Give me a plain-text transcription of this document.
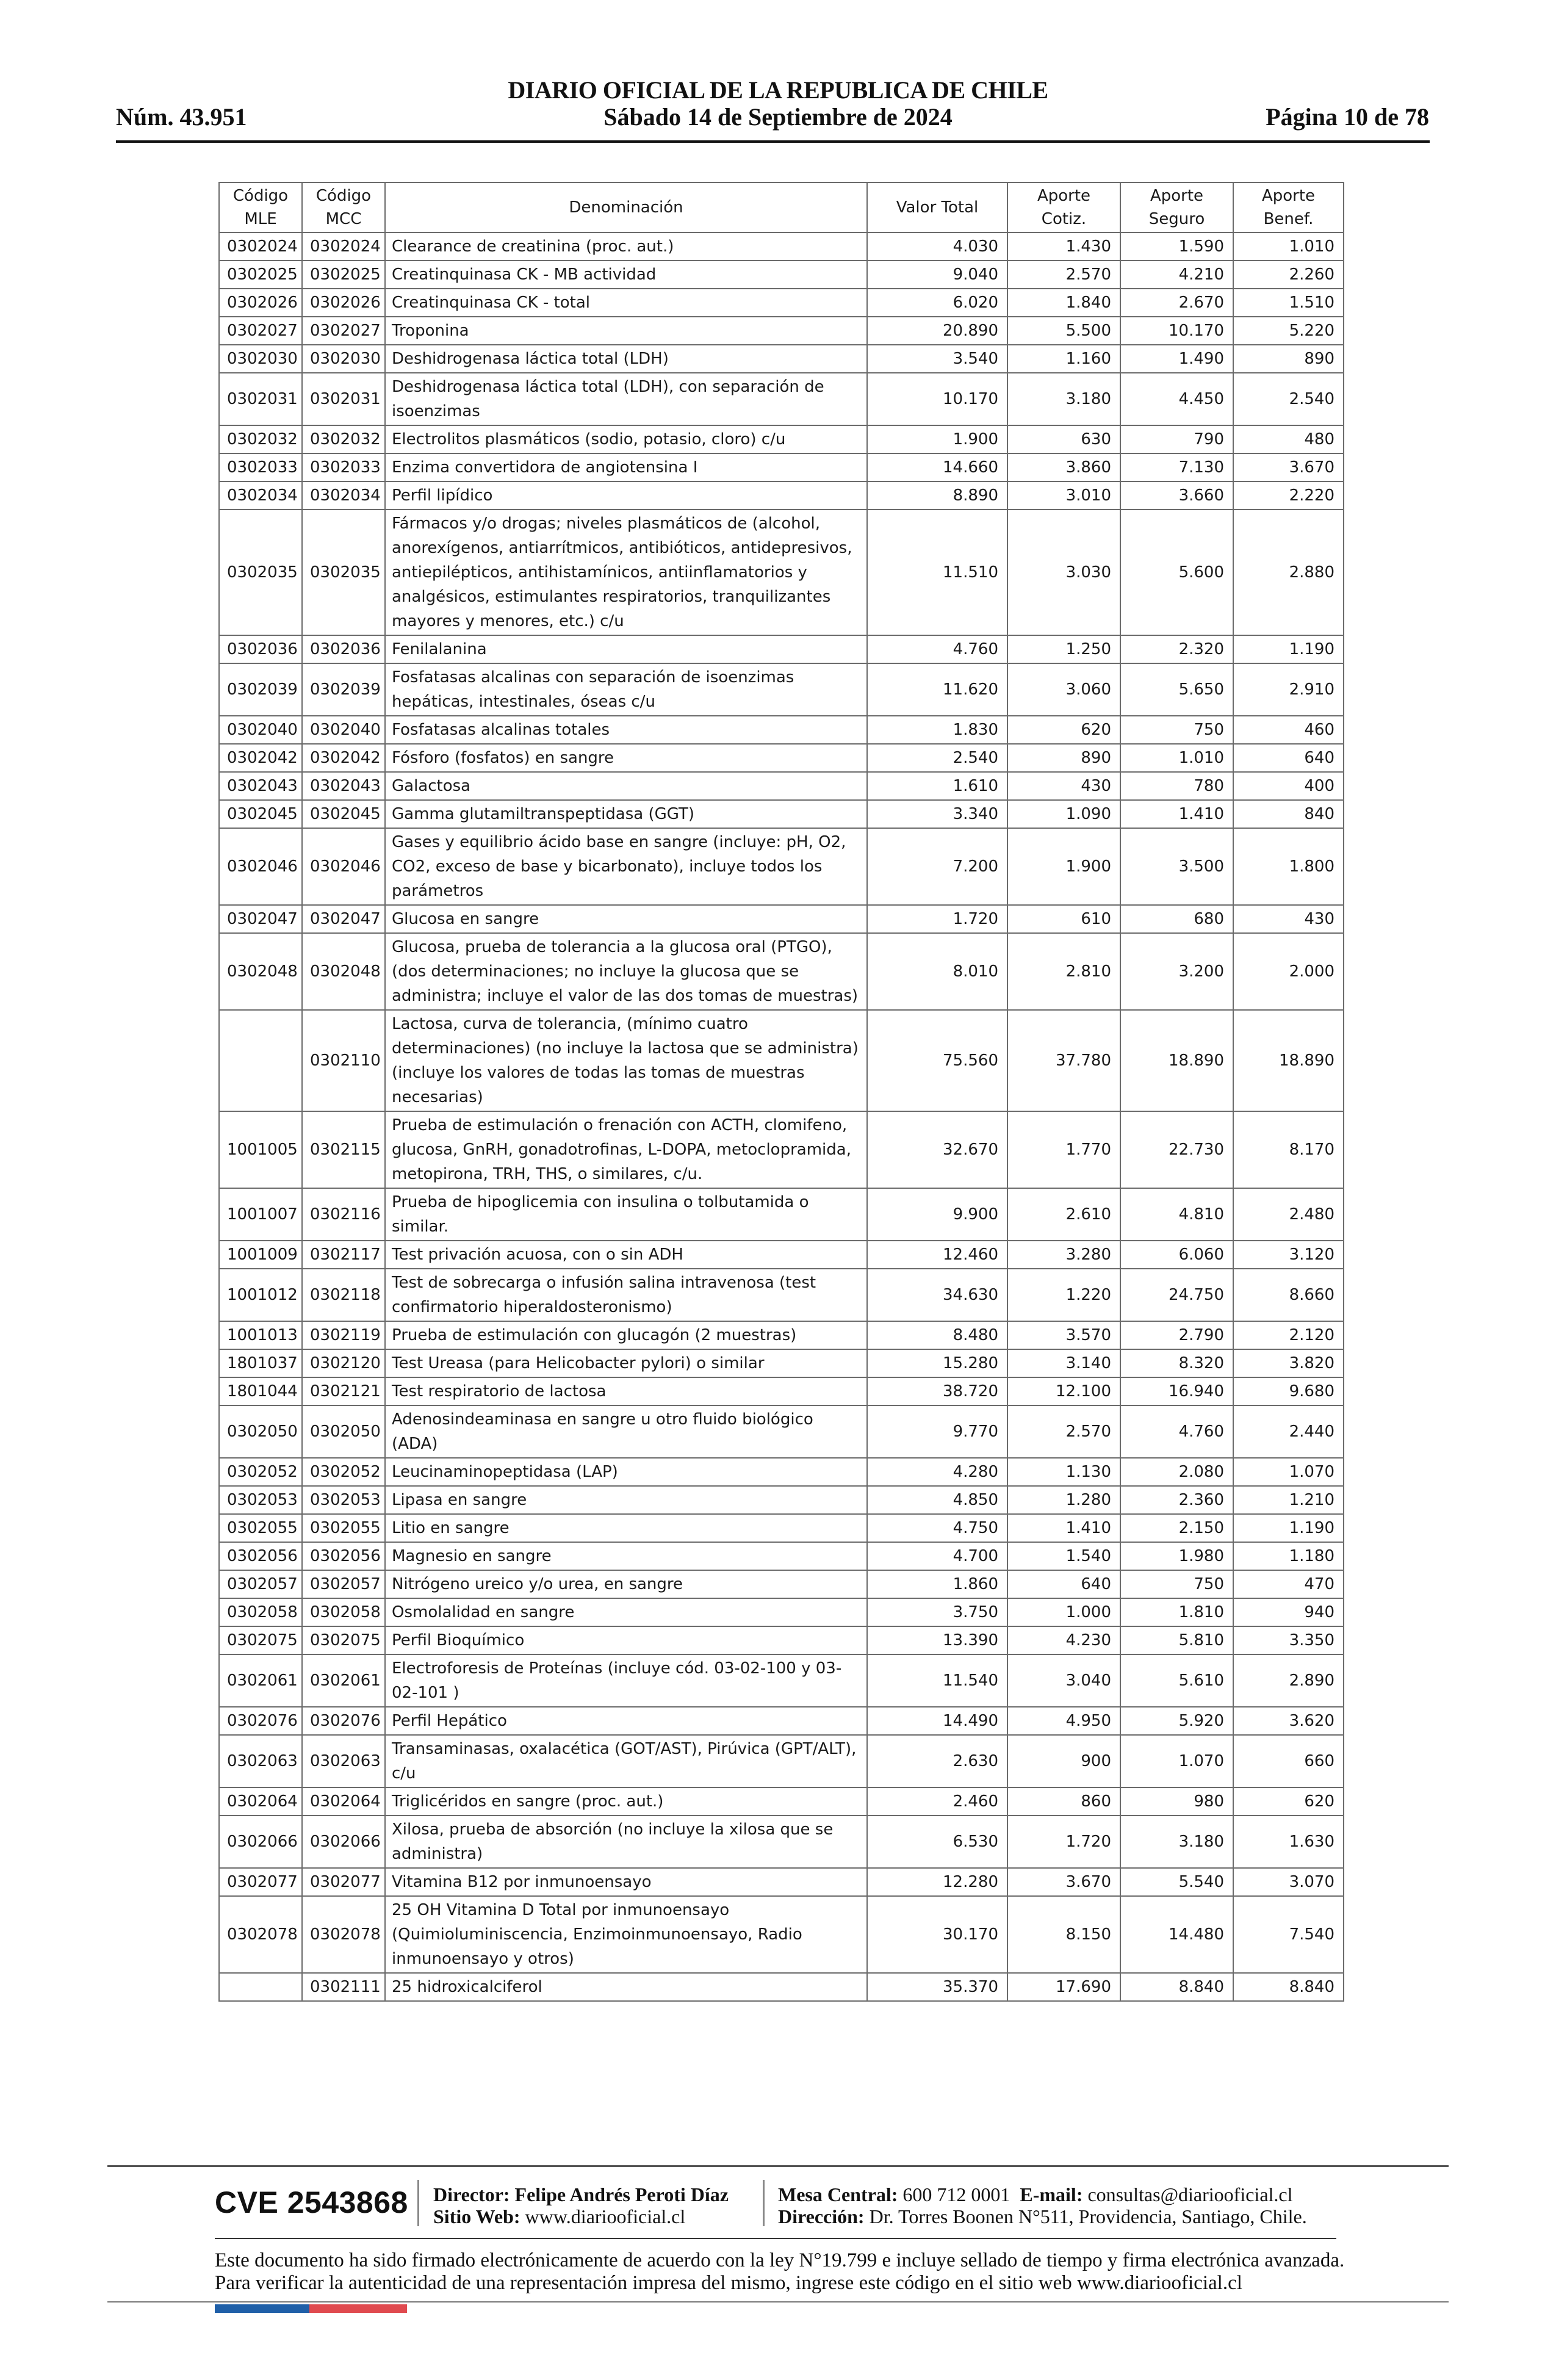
DIARIO OFICIAL DE LA REPUBLICA DE CHILE
Núm. 43.951	Sábado 14 de Septiembre de 2024	Página 10 de 78
Código MLE	Código MCC	Denominación	Valor Total	Aporte Cotiz.	Aporte Seguro	Aporte Benef.
0302024	0302024	Clearance de creatinina (proc. aut.)	4.030	1.430	1.590	1.010
0302025	0302025	Creatinquinasa CK - MB actividad	9.040	2.570	4.210	2.260
0302026	0302026	Creatinquinasa CK - total	6.020	1.840	2.670	1.510
0302027	0302027	Troponina	20.890	5.500	10.170	5.220
0302030	0302030	Deshidrogenasa láctica total (LDH)	3.540	1.160	1.490	890
0302031	0302031	Deshidrogenasa láctica total (LDH), con separación de isoenzimas	10.170	3.180	4.450	2.540
0302032	0302032	Electrolitos plasmáticos (sodio, potasio, cloro) c/u	1.900	630	790	480
0302033	0302033	Enzima convertidora de angiotensina I	14.660	3.860	7.130	3.670
0302034	0302034	Perfil lipídico	8.890	3.010	3.660	2.220
0302035	0302035	Fármacos y/o drogas; niveles plasmáticos de (alcohol, anorexígenos, antiarrítmicos, antibióticos, antidepresivos, antiepilépticos, antihistamínicos, antiinflamatorios y analgésicos, estimulantes respiratorios, tranquilizantes mayores y menores, etc.) c/u	11.510	3.030	5.600	2.880
0302036	0302036	Fenilalanina	4.760	1.250	2.320	1.190
0302039	0302039	Fosfatasas alcalinas con separación de isoenzimas hepáticas, intestinales, óseas c/u	11.620	3.060	5.650	2.910
0302040	0302040	Fosfatasas alcalinas totales	1.830	620	750	460
0302042	0302042	Fósforo (fosfatos) en sangre	2.540	890	1.010	640
0302043	0302043	Galactosa	1.610	430	780	400
0302045	0302045	Gamma glutamiltranspeptidasa (GGT)	3.340	1.090	1.410	840
0302046	0302046	Gases y equilibrio ácido base en sangre (incluye: pH, O2, CO2, exceso de base y bicarbonato), incluye todos los parámetros	7.200	1.900	3.500	1.800
0302047	0302047	Glucosa en sangre	1.720	610	680	430
0302048	0302048	Glucosa, prueba de tolerancia a la glucosa oral (PTGO), (dos determinaciones; no incluye la glucosa que se administra; incluye el valor de las dos tomas de muestras)	8.010	2.810	3.200	2.000
	0302110	Lactosa, curva de tolerancia, (mínimo cuatro determinaciones) (no incluye la lactosa que se administra) (incluye los valores de todas las tomas de muestras necesarias)	75.560	37.780	18.890	18.890
1001005	0302115	Prueba de estimulación o frenación con ACTH, clomifeno, glucosa, GnRH, gonadotrofinas, L-DOPA, metoclopramida, metopirona, TRH, THS, o similares, c/u.	32.670	1.770	22.730	8.170
1001007	0302116	Prueba de hipoglicemia con insulina o tolbutamida o similar.	9.900	2.610	4.810	2.480
1001009	0302117	Test privación acuosa, con o sin ADH	12.460	3.280	6.060	3.120
1001012	0302118	Test de sobrecarga o infusión salina intravenosa (test confirmatorio hiperaldosteronismo)	34.630	1.220	24.750	8.660
1001013	0302119	Prueba de estimulación con glucagón (2 muestras)	8.480	3.570	2.790	2.120
1801037	0302120	Test Ureasa (para Helicobacter pylori) o similar	15.280	3.140	8.320	3.820
1801044	0302121	Test respiratorio de lactosa	38.720	12.100	16.940	9.680
0302050	0302050	Adenosindeaminasa en sangre u otro fluido biológico (ADA)	9.770	2.570	4.760	2.440
0302052	0302052	Leucinaminopeptidasa (LAP)	4.280	1.130	2.080	1.070
0302053	0302053	Lipasa en sangre	4.850	1.280	2.360	1.210
0302055	0302055	Litio en sangre	4.750	1.410	2.150	1.190
0302056	0302056	Magnesio en sangre	4.700	1.540	1.980	1.180
0302057	0302057	Nitrógeno ureico y/o urea, en sangre	1.860	640	750	470
0302058	0302058	Osmolalidad en sangre	3.750	1.000	1.810	940
0302075	0302075	Perfil Bioquímico	13.390	4.230	5.810	3.350
0302061	0302061	Electroforesis de Proteínas (incluye cód. 03-02-100 y 03-02-101 )	11.540	3.040	5.610	2.890
0302076	0302076	Perfil Hepático	14.490	4.950	5.920	3.620
0302063	0302063	Transaminasas, oxalacética (GOT/AST), Pirúvica (GPT/ALT), c/u	2.630	900	1.070	660
0302064	0302064	Triglicéridos en sangre (proc. aut.)	2.460	860	980	620
0302066	0302066	Xilosa, prueba de absorción (no incluye la xilosa que se administra)	6.530	1.720	3.180	1.630
0302077	0302077	Vitamina B12 por inmunoensayo	12.280	3.670	5.540	3.070
0302078	0302078	25 OH Vitamina D Total por inmunoensayo (Quimioluminiscencia, Enzimoinmunoensayo, Radio inmunoensayo y otros)	30.170	8.150	14.480	7.540
	0302111	25 hidroxicalciferol	35.370	17.690	8.840	8.840
CVE 2543868 Director: Felipe Andrés Peroti Díaz
Sitio Web: www.diariooficial.cl
Mesa Central: 600 712 0001 E-mail: consultas@diariooficial.cl
Dirección: Dr. Torres Boonen N°511, Providencia, Santiago, Chile.
Este documento ha sido firmado electrónicamente de acuerdo con la ley N°19.799 e incluye sellado de tiempo y firma electrónica avanzada. Para verificar la autenticidad de una representación impresa del mismo, ingrese este código en el sitio web www.diariooficial.cl
